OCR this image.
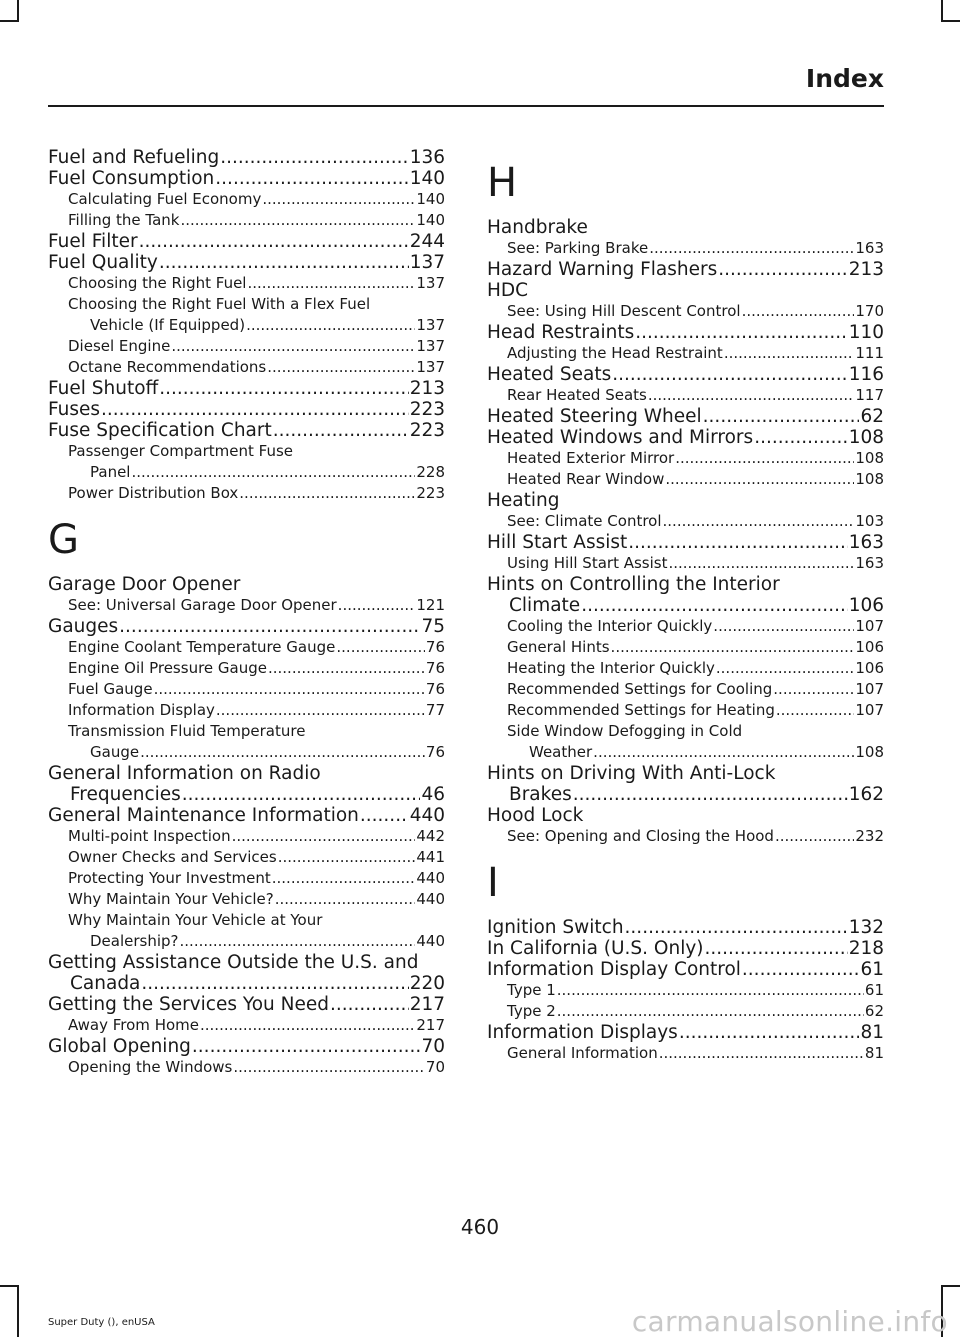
Index
Fuel and Refueling .....	136
Fuel Consumption .....	140
Calculating Fuel Economy .....	140
Filling the Tank .....	140
Fuel Filter .....	244
Fuel Quality .....	137
Choosing the Right Fuel .....	137
Choosing the Right Fuel With a Flex Fuel
Vehicle (If Equipped) .....	137
Diesel Engine .....	137
Octane Recommendations .....	137
Fuel Shutoff .....	213
Fuses .....	223
Fuse Specification Chart .....	223
Passenger Compartment Fuse
Panel .....	228
Power Distribution Box .....	223
G
Garage Door Opener
See: Universal Garage Door Opener .....	121
Gauges .....	75
Engine Coolant Temperature Gauge .....	76
Engine Oil Pressure Gauge .....	76
Fuel Gauge .....	76
Information Display .....	77
Transmission Fluid Temperature
Gauge .....	76
General Information on Radio
Frequencies .....	46
General Maintenance Information .....	440
Multi-point Inspection .....	442
Owner Checks and Services .....	441
Protecting Your Investment .....	440
Why Maintain Your Vehicle? .....	440
Why Maintain Your Vehicle at Your
Dealership? .....	440
Getting Assistance Outside the U.S. and
Canada .....	220
Getting the Services You Need .....	217
Away From Home .....	217
Global Opening .....	70
Opening the Windows .....	70
H
Handbrake
See: Parking Brake .....	163
Hazard Warning Flashers .....	213
HDC
See: Using Hill Descent Control .....	170
Head Restraints .....	110
Adjusting the Head Restraint .....	111
Heated Seats .....	116
Rear Heated Seats .....	117
Heated Steering Wheel .....	62
Heated Windows and Mirrors .....	108
Heated Exterior Mirror .....	108
Heated Rear Window .....	108
Heating
See: Climate Control .....	103
Hill Start Assist .....	163
Using Hill Start Assist .....	163
Hints on Controlling the Interior
Climate .....	106
Cooling the Interior Quickly .....	107
General Hints .....	106
Heating the Interior Quickly .....	106
Recommended Settings for Cooling .....	107
Recommended Settings for Heating .....	107
Side Window Defogging in Cold
Weather .....	108
Hints on Driving With Anti-Lock
Brakes .....	162
Hood Lock
See: Opening and Closing the Hood .....	232
I
Ignition Switch .....	132
In California (U.S. Only) .....	218
Information Display Control .....	61
Type 1 .....	61
Type 2 .....	62
Information Displays .....	81
General Information .....	81
460
Super Duty (), enUSA	carmanualsonline.info
